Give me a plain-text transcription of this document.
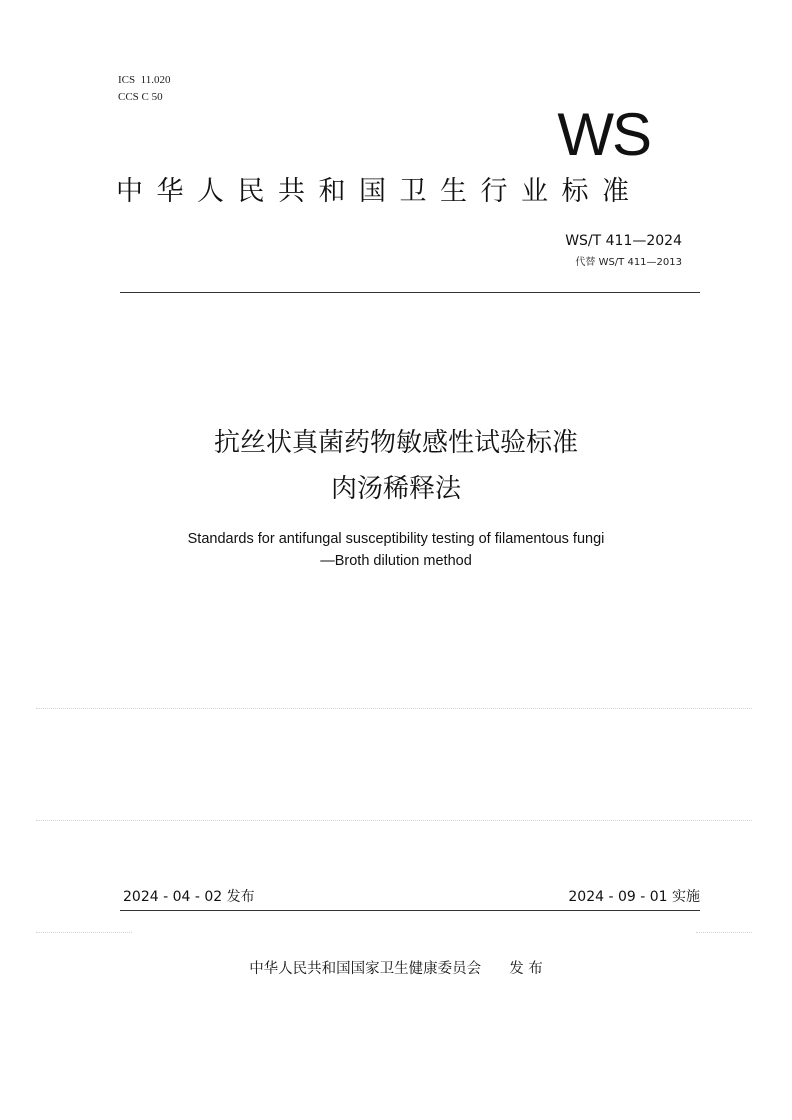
ICS  11.020
CCS C 50
WS
中华人民共和国卫生行业标准
WS/T 411—2024
代替 WS/T 411—2013
抗丝状真菌药物敏感性试验标准
肉汤稀释法
Standards for antifungal susceptibility testing of filamentous fungi
—Broth dilution method
2024 - 04 - 02 发布	2024 - 09 - 01 实施
中华人民共和国国家卫生健康委员会 发 布
